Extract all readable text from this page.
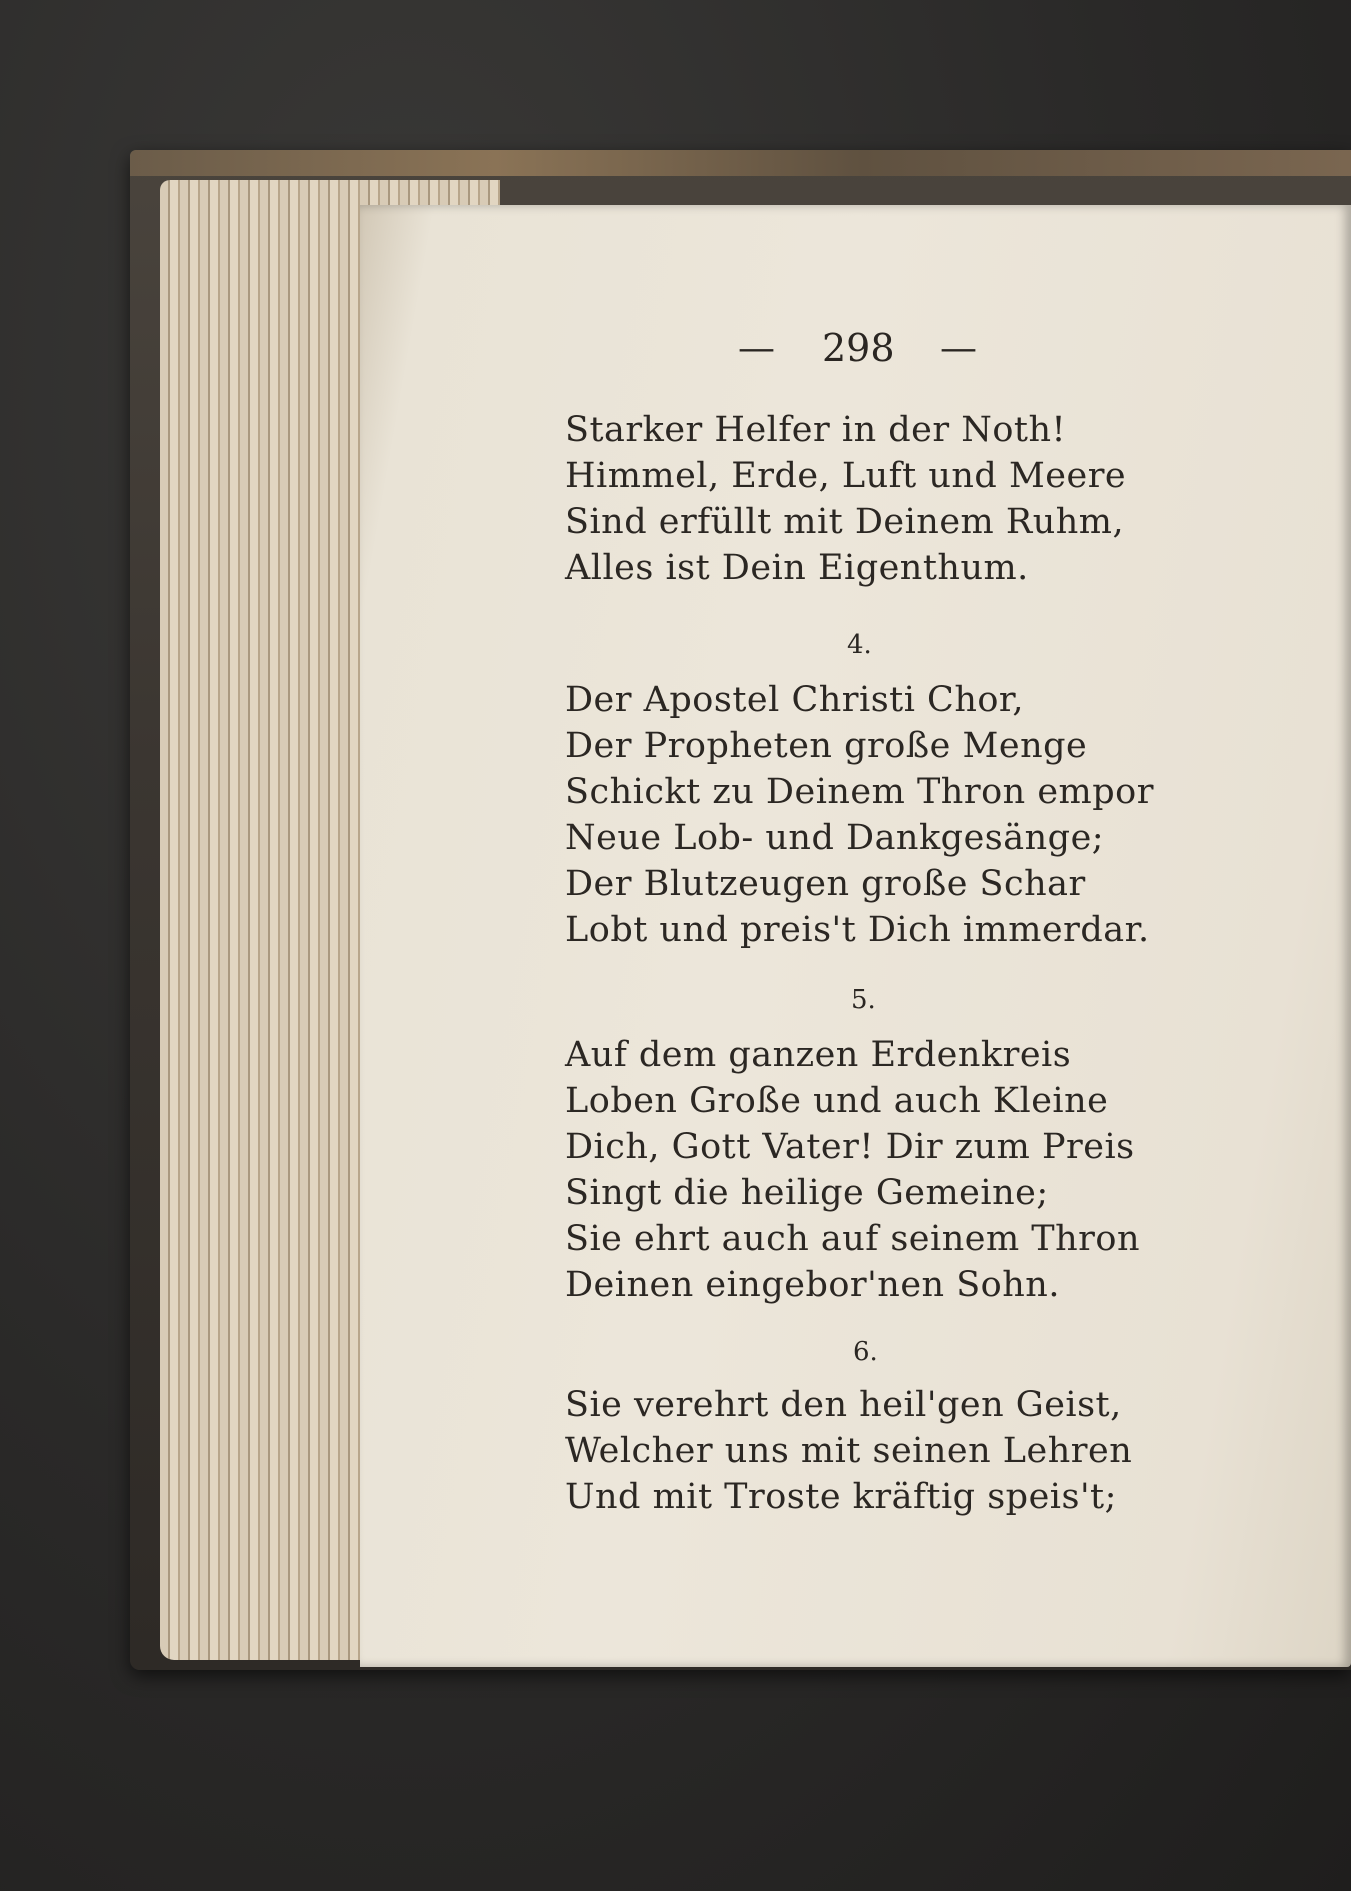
— 298 —
Starker Helfer in der Noth!
Himmel, Erde, Luft und Meere
Sind erfüllt mit Deinem Ruhm,
Alles ist Dein Eigenthum.
4.
Der Apostel Christi Chor,
Der Propheten große Menge
Schickt zu Deinem Thron empor
Neue Lob- und Dankgesänge;
Der Blutzeugen große Schar
Lobt und preis't Dich immerdar.
5.
Auf dem ganzen Erdenkreis
Loben Große und auch Kleine
Dich, Gott Vater! Dir zum Preis
Singt die heilige Gemeine;
Sie ehrt auch auf seinem Thron
Deinen eingebor'nen Sohn.
6.
Sie verehrt den heil'gen Geist,
Welcher uns mit seinen Lehren
Und mit Troste kräftig speis't;
